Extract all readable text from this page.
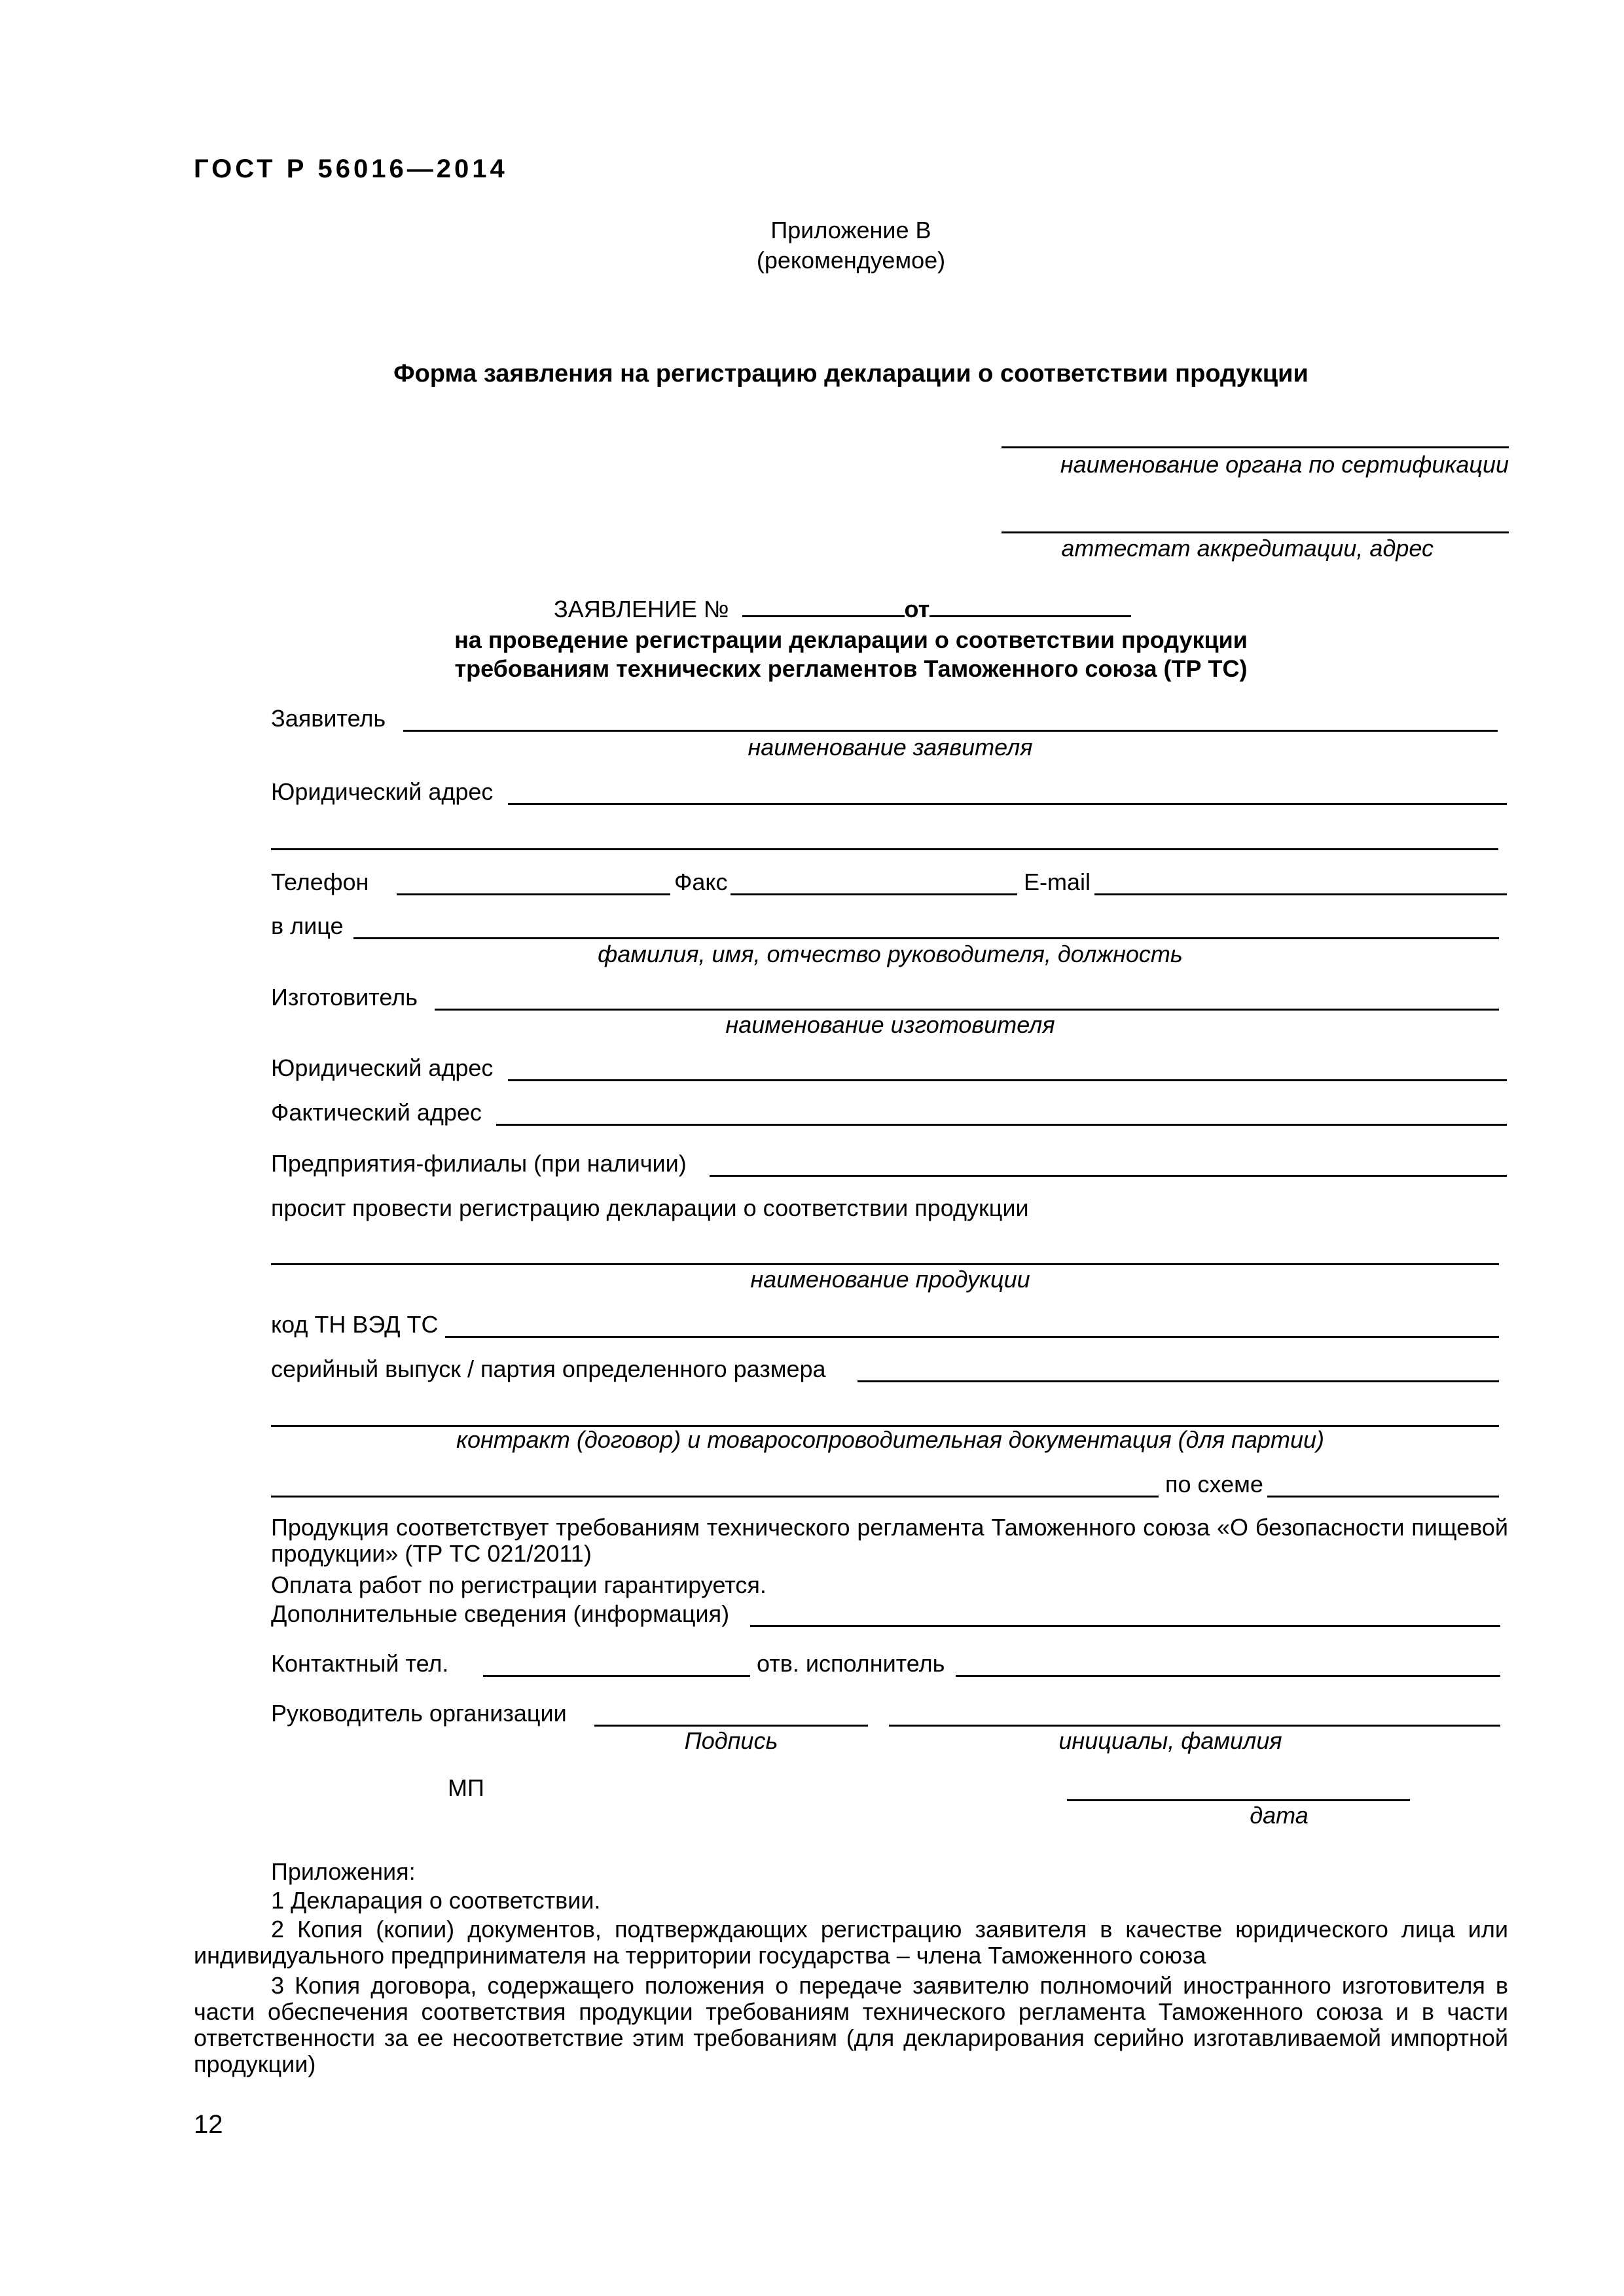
ГОСТ Р 56016—2014
Приложение В
(рекомендуемое)
Форма заявления на регистрацию декларации о соответствии продукции
наименование органа по сертификации
аттестат аккредитации, адрес
ЗАЯВЛЕНИЕ №	от
на проведение регистрации декларации о соответствии продукции
требованиям технических регламентов Таможенного союза (ТР ТС)
Заявитель
наименование заявителя
Юридический адрес
Телефон	Факс	E-mail
в лице
фамилия, имя, отчество руководителя, должность
Изготовитель
наименование изготовителя
Юридический адрес
Фактический адрес
Предприятия-филиалы (при наличии)
просит провести регистрацию декларации о соответствии продукции
наименование продукции
код ТН ВЭД ТС
серийный выпуск / партия определенного размера
контракт (договор) и товаросопроводительная документация (для партии)
по схеме
Продукция соответствует требованиям технического регламента Таможенного союза «О безопасности пищевой продукции» (ТР ТС 021/2011)
Оплата работ по регистрации гарантируется.
Дополнительные сведения (информация)
Контактный тел.	отв. исполнитель
Руководитель организации
Подпись	инициалы, фамилия
МП
дата
Приложения:
1 Декларация о соответствии.
2 Копия (копии) документов, подтверждающих регистрацию заявителя в качестве юридического лица или индивидуального предпринимателя на территории государства – члена Таможенного союза
3 Копия договора, содержащего положения о передаче заявителю полномочий иностранного изготовителя в части обеспечения соответствия продукции требованиям технического регламента Таможенного союза и в части ответственности за ее несоответствие этим требованиям (для декларирования серийно изготавливаемой импортной продукции)
12
